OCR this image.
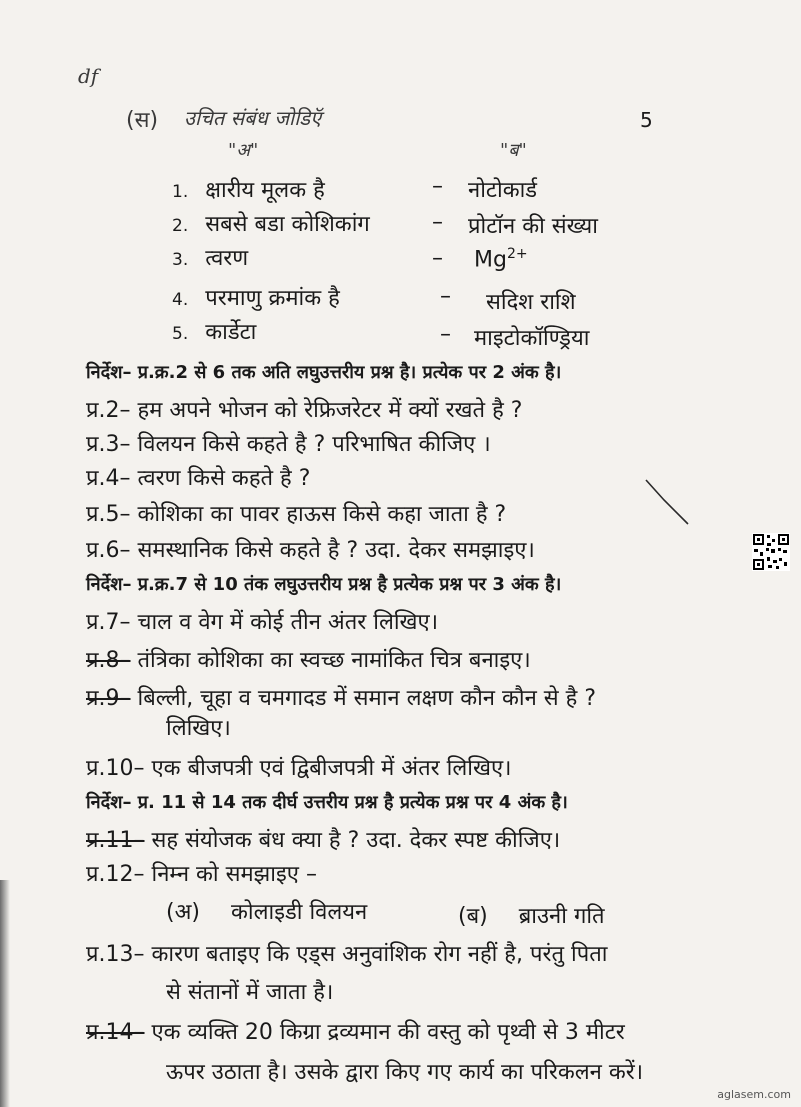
df
(स) उचित संबंध जोडिऍ	5
"अ"	"ब"
1. क्षारीय मूलक है	– नोटोकार्ड
2. सबसे बडा कोशिकांग	– प्रोटॉन की संख्या
3. त्वरण	– $Mg^{2+}$
4. परमाणु क्रमांक है	– सदिश राशि
5. कार्डेटा	– माइटोकॉण्ड्रिया
निर्देश– प्र.क्र.2 से 6 तक अति लघुउत्तरीय प्रश्न है। प्रत्येक पर 2 अंक है।
प्र.2– हम अपने भोजन को रेफ्रिजरेटर में क्यों रखते है ?
प्र.3– विलयन किसे कहते है ? परिभाषित कीजिए ।
प्र.4– त्वरण किसे कहते है ?
प्र.5– कोशिका का पावर हाऊस किसे कहा जाता है ?
प्र.6– समस्थानिक किसे कहते है ? उदा. देकर समझाइए।
निर्देश– प्र.क्र.7 से 10 तंक लघुउत्तरीय प्रश्न है प्रत्येक प्रश्न पर 3 अंक है।
प्र.7– चाल व वेग में कोई तीन अंतर लिखिए।
प्र.8– तंत्रिका कोशिका का स्वच्छ नामांकित चित्र बनाइए।
प्र.9– बिल्ली, चूहा व चमगादड में समान लक्षण कौन कौन से है ?
लिखिए।
प्र.10– एक बीजपत्री एवं द्विबीजपत्री में अंतर लिखिए।
निर्देश– प्र. 11 से 14 तक दीर्घ उत्तरीय प्रश्न है प्रत्येक प्रश्न पर 4 अंक है।
प्र.11– सह संयोजक बंध क्या है ? उदा. देकर स्पष्ट कीजिए।
प्र.12– निम्न को समझाइए –
(अ) कोलाइडी विलयन	(ब) ब्राउनी गति
प्र.13– कारण बताइए कि एड्स अनुवांशिक रोग नहीं है, परंतु पिता
से संतानों में जाता है।
प्र.14– एक व्यक्ति 20 किग्रा द्रव्यमान की वस्तु को पृथ्वी से 3 मीटर
ऊपर उठाता है। उसके द्वारा किए गए कार्य का परिकलन करें।
aglasem.com
